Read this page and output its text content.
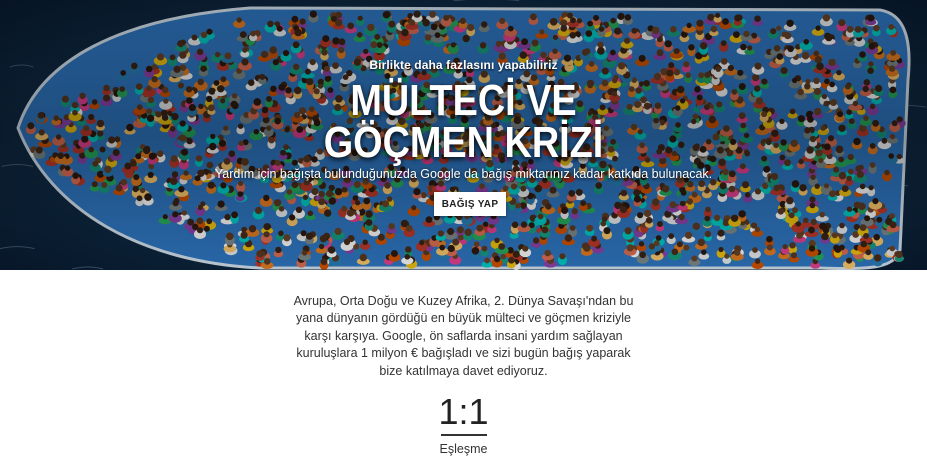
Birlikte daha fazlasını yapabiliriz
MÜLTECİ VE
GÖÇMEN KRİZİ
Yardım için bağışta bulunduğunuzda Google da bağış miktarınız kadar katkıda bulunacak.
BAĞIŞ YAP
Avrupa, Orta Doğu ve Kuzey Afrika, 2. Dünya Savaşı'ndan bu yana dünyanın gördüğü en büyük mülteci ve göçmen kriziyle karşı karşıya. Google, ön saflarda insani yardım sağlayan kuruluşlara 1 milyon € bağışladı ve sizi bugün bağış yaparak bize katılmaya davet ediyoruz.
1:1
Eşleşme
